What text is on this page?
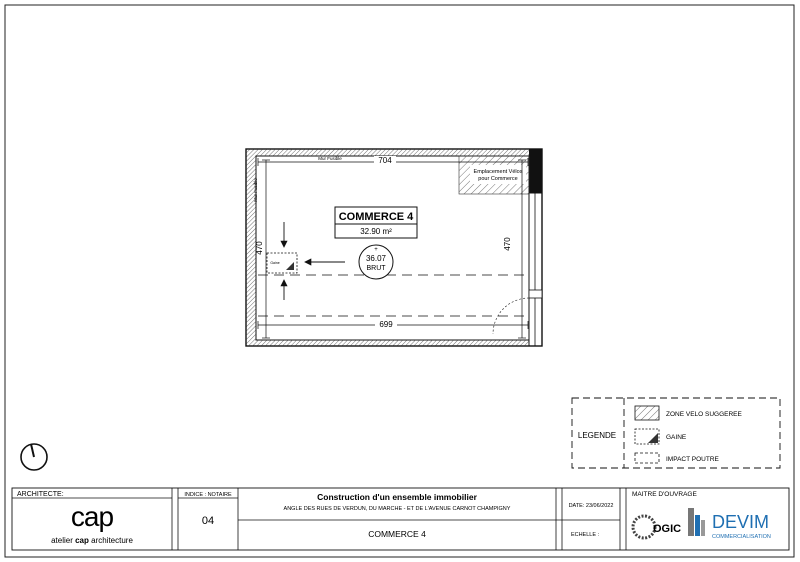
Emplacement Vélos
pour Commerce
704
Mur Fusible
699
470
Mur Fusible
470
Gaine
COMMERCE 4
32.90 m²
+
36.07
BRUT
LEGENDE
ZONE VELO SUGGEREE
GAINE
IMPACT POUTRE
ARCHITECTE:
cap
atelier cap architecture
INDICE : NOTAIRE
04
Construction d'un ensemble immobilier
ANGLE DES RUES DE VERDUN, DU MARCHE - ET DE L'AVENUE CARNOT CHAMPIGNY
COMMERCE 4
DATE: 23/06/2022
ECHELLE :
MAITRE D'OUVRAGE
OGIC DEVIM
COMMERCIALISATION
